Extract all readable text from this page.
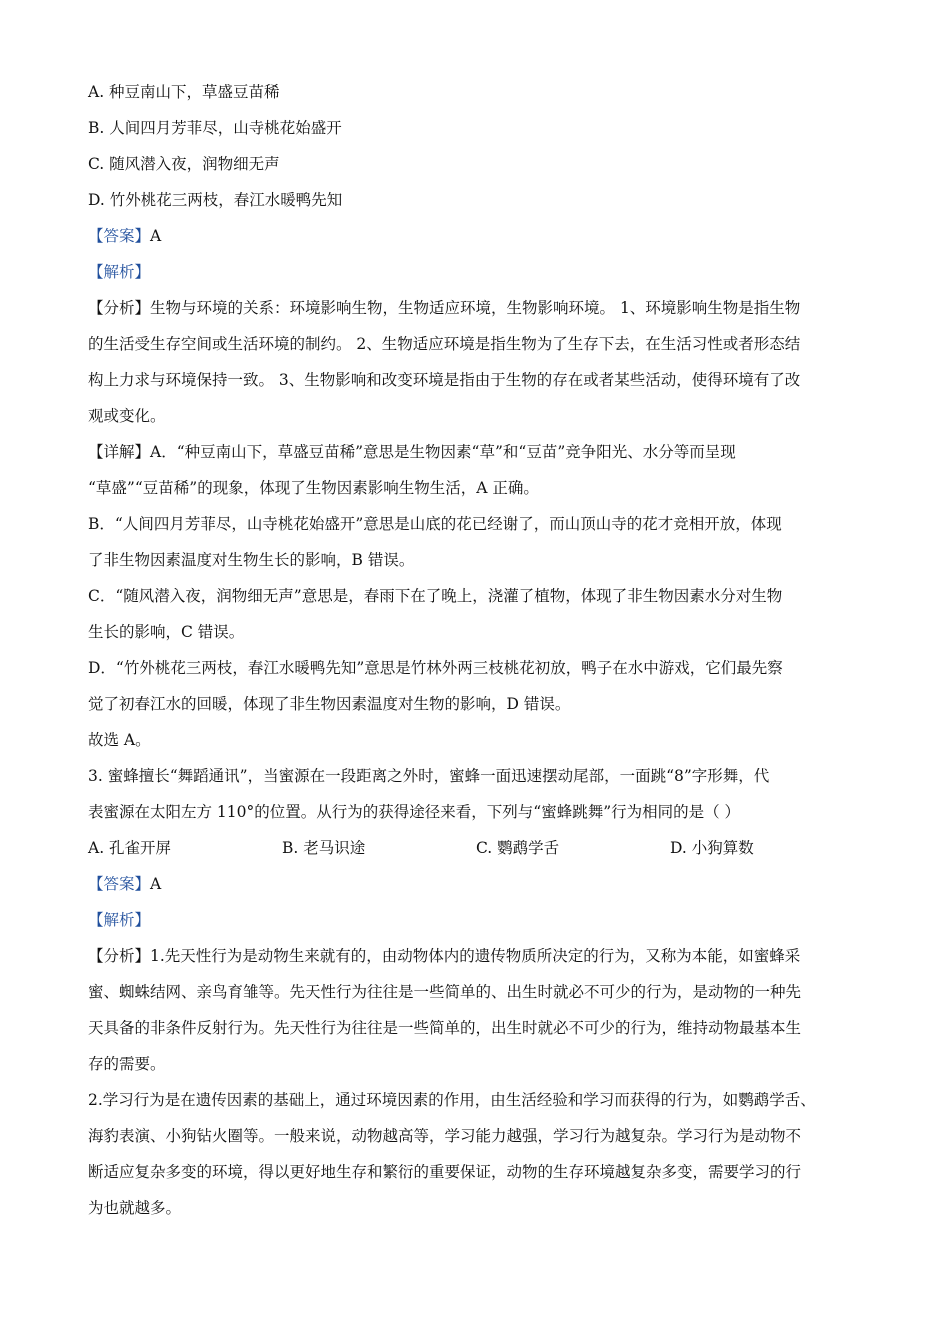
A. 种豆南山下，草盛豆苗稀
B. 人间四月芳菲尽，山寺桃花始盛开
C. 随风潜入夜，润物细无声
D. 竹外桃花三两枝，春江水暖鸭先知
【答案】A
【解析】
【分析】生物与环境的关系：环境影响生物，生物适应环境，生物影响环境。 1、环境影响生物是指生物
的生活受生存空间或生活环境的制约。 2、生物适应环境是指生物为了生存下去，在生活习性或者形态结
构上力求与环境保持一致。 3、生物影响和改变环境是指由于生物的存在或者某些活动，使得环境有了改
观或变化。
【详解】A．“种豆南山下，草盛豆苗稀”意思是生物因素“草”和“豆苗”竞争阳光、水分等而呈现
“草盛”“豆苗稀”的现象，体现了生物因素影响生物生活，A 正确。
B．“人间四月芳菲尽，山寺桃花始盛开”意思是山底的花已经谢了，而山顶山寺的花才竞相开放，体现
了非生物因素温度对生物生长的影响，B 错误。
C．“随风潜入夜，润物细无声”意思是，春雨下在了晚上，浇灌了植物，体现了非生物因素水分对生物
生长的影响，C 错误。
D．“竹外桃花三两枝，春江水暖鸭先知”意思是竹林外两三枝桃花初放，鸭子在水中游戏，它们最先察
觉了初春江水的回暖，体现了非生物因素温度对生物的影响，D 错误。
故选 A。
3. 蜜蜂擅长“舞蹈通讯”，当蜜源在一段距离之外时，蜜蜂一面迅速摆动尾部，一面跳“8”字形舞，代
表蜜源在太阳左方 110°的位置。从行为的获得途径来看，下列与“蜜蜂跳舞”行为相同的是（ ）
A. 孔雀开屏	B. 老马识途	C. 鹦鹉学舌	D. 小狗算数
【答案】A
【解析】
【分析】1.先天性行为是动物生来就有的，由动物体内的遗传物质所决定的行为，又称为本能，如蜜蜂采
蜜、蜘蛛结网、亲鸟育雏等。先天性行为往往是一些简单的、出生时就必不可少的行为，是动物的一种先
天具备的非条件反射行为。先天性行为往往是一些简单的，出生时就必不可少的行为，维持动物最基本生
存的需要。
2.学习行为是在遗传因素的基础上，通过环境因素的作用，由生活经验和学习而获得的行为，如鹦鹉学舌、
海豹表演、小狗钻火圈等。一般来说，动物越高等，学习能力越强，学习行为越复杂。学习行为是动物不
断适应复杂多变的环境，得以更好地生存和繁衍的重要保证，动物的生存环境越复杂多变，需要学习的行
为也就越多。
